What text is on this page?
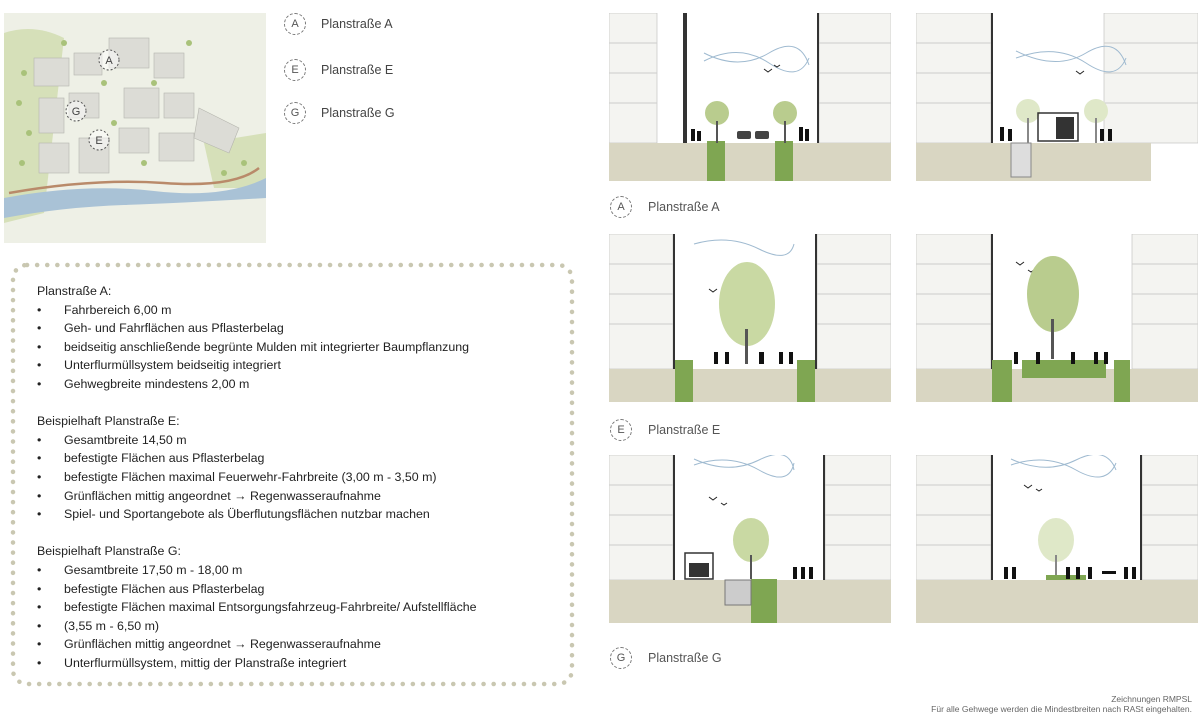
A
G
E
A	Planstraße A
E	Planstraße E
G	Planstraße G

Planstraße A:

• Fahrbereich 6,00 m
• Geh- und Fahrflächen aus Pflasterbelag
• beidseitig anschließende begrünte Mulden mit integrierter Baumpflanzung
• Unterflurmüllsystem beidseitig integriert
• Gehwegbreite mindestens 2,00 m

Beispielhaft Planstraße E:

• Gesamtbreite 14,50 m
• befestigte Flächen aus Pflasterbelag
• befestigte Flächen maximal Feuerwehr-Fahrbreite (3,00 m - 3,50 m)
• Grünflächen mittig angeordnet → Regenwasseraufnahme
• Spiel- und Sportangebote als Überflutungsflächen nutzbar machen

Beispielhaft Planstraße G:

• Gesamtbreite 17,50 m - 18,00 m
• befestigte Flächen aus Pflasterbelag
• befestigte Flächen maximal Entsorgungsfahrzeug-Fahrbreite/ Aufstellfläche
• (3,55 m - 6,50 m)
• Grünflächen mittig angeordnet → Regenwasseraufnahme
• Unterflurmüllsystem, mittig der Planstraße integriert
A	Planstraße A
E	Planstraße E
G	Planstraße G
Zeichnungen RMPSL
Für alle Gehwege werden die Mindestbreiten nach RASt eingehalten.
